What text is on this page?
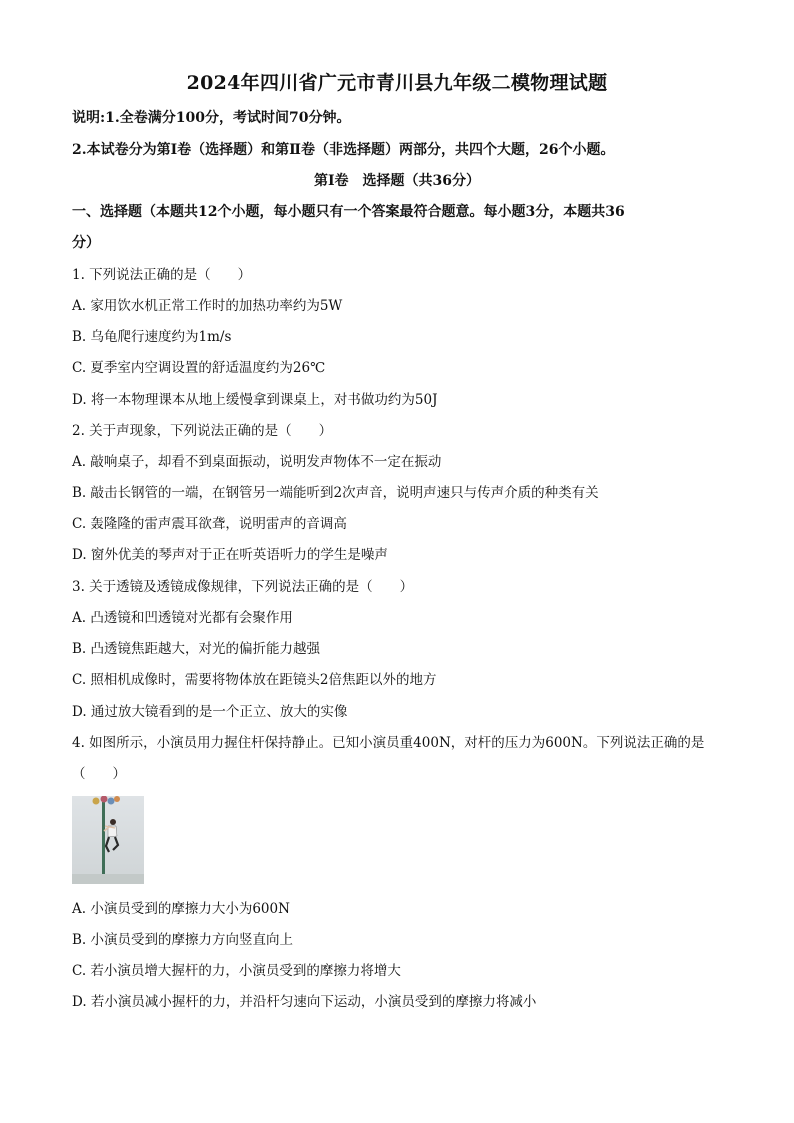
2024年四川省广元市青川县九年级二模物理试题
说明:1.全卷满分100分，考试时间70分钟。
2.本试卷分为第Ⅰ卷（选择题）和第Ⅱ卷（非选择题）两部分，共四个大题，26个小题。
第Ⅰ卷　选择题（共36分）
一、选择题（本题共12个小题，每小题只有一个答案最符合题意。每小题3分，本题共36
分）
1. 下列说法正确的是（　　）
A. 家用饮水机正常工作时的加热功率约为5W
B. 乌龟爬行速度约为1m/s
C. 夏季室内空调设置的舒适温度约为26℃
D. 将一本物理课本从地上缓慢拿到课桌上，对书做功约为50J
2. 关于声现象，下列说法正确的是（　　）
A. 敲响桌子，却看不到桌面振动，说明发声物体不一定在振动
B. 敲击长钢管的一端，在钢管另一端能听到2次声音，说明声速只与传声介质的种类有关
C. 轰隆隆的雷声震耳欲聋，说明雷声的音调高
D. 窗外优美的琴声对于正在听英语听力的学生是噪声
3. 关于透镜及透镜成像规律，下列说法正确的是（　　）
A. 凸透镜和凹透镜对光都有会聚作用
B. 凸透镜焦距越大，对光的偏折能力越强
C. 照相机成像时，需要将物体放在距镜头2倍焦距以外的地方
D. 通过放大镜看到的是一个正立、放大的实像
4. 如图所示，小演员用力握住杆保持静止。已知小演员重400N，对杆的压力为600N。下列说法正确的是
（　　）
A. 小演员受到的摩擦力大小为600N
B. 小演员受到的摩擦力方向竖直向上
C. 若小演员增大握杆的力，小演员受到的摩擦力将增大
D. 若小演员减小握杆的力，并沿杆匀速向下运动，小演员受到的摩擦力将减小
